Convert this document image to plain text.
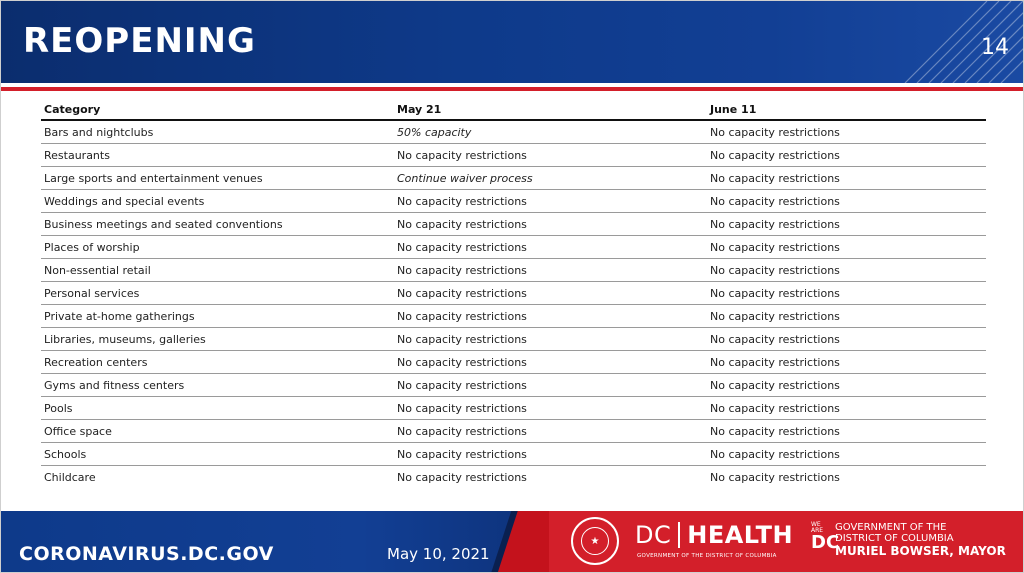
REOPENING	14
Category	May 21	June 11
Bars and nightclubs	50% capacity	No capacity restrictions
Restaurants	No capacity restrictions	No capacity restrictions
Large sports and entertainment venues	Continue waiver process	No capacity restrictions
Weddings and special events	No capacity restrictions	No capacity restrictions
Business meetings and seated conventions	No capacity restrictions	No capacity restrictions
Places of worship	No capacity restrictions	No capacity restrictions
Non-essential retail	No capacity restrictions	No capacity restrictions
Personal services	No capacity restrictions	No capacity restrictions
Private at-home gatherings	No capacity restrictions	No capacity restrictions
Libraries, museums, galleries	No capacity restrictions	No capacity restrictions
Recreation centers	No capacity restrictions	No capacity restrictions
Gyms and fitness centers	No capacity restrictions	No capacity restrictions
Pools	No capacity restrictions	No capacity restrictions
Office space	No capacity restrictions	No capacity restrictions
Schools	No capacity restrictions	No capacity restrictions
Childcare	No capacity restrictions	No capacity restrictions
CORONAVIRUS.DC.GOV	May 10, 2021
★	DC HEALTH
GOVERNMENT OF THE DISTRICT OF COLUMBIA
WE ARE
DC
GOVERNMENT OF THE
DISTRICT OF COLUMBIA
MURIEL BOWSER, MAYOR
